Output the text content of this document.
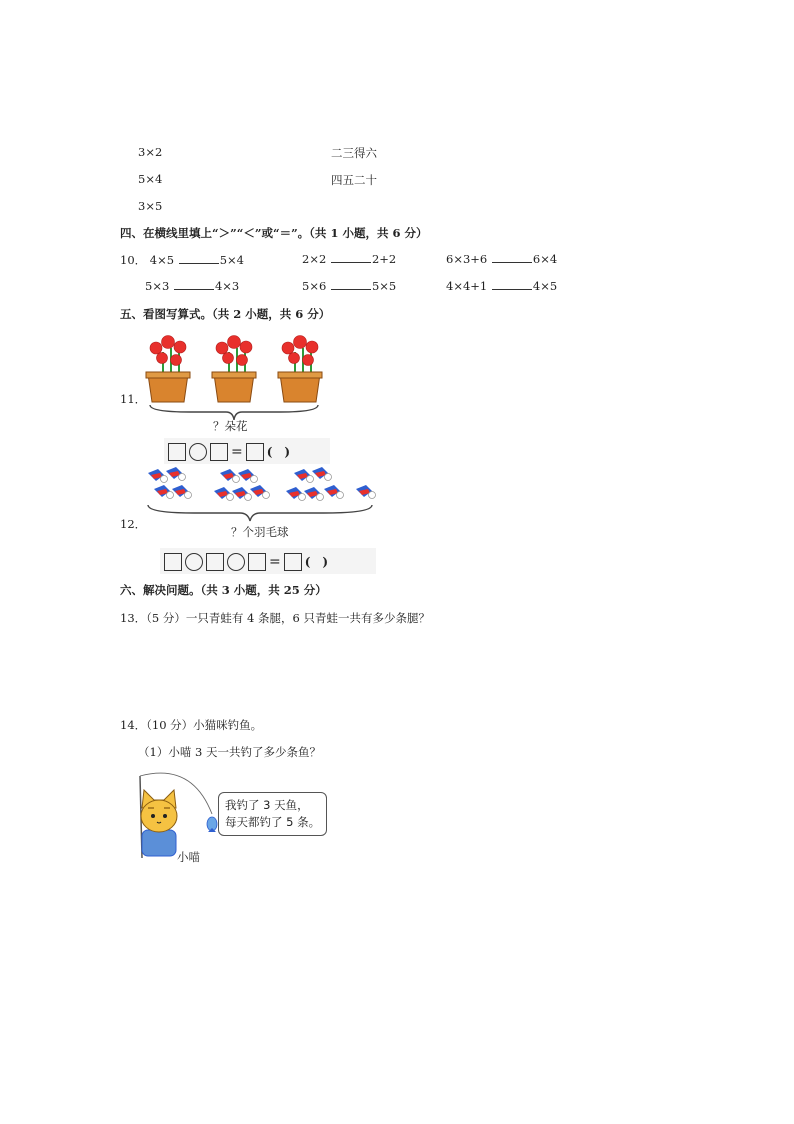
3×2	二三得六
5×4	四五二十
3×5
四、在横线里填上“＞”“＜”或“＝”。（共 1 小题，共 6 分）
10． 4×5	5×4	2×2	2+2	6×3+6	6×4
5×3	4×3	5×6	5×5	4×4+1	4×5
五、看图写算式。（共 2 小题，共 6 分）
11．
？朵花
= (　)
12．
？个羽毛球
= (　)
六、解决问题。（共 3 小题，共 25 分）
13．（5 分）一只青蛙有 4 条腿，6 只青蛙一共有多少条腿？
14．（10 分）小猫咪钓鱼。
（1）小喵 3 天一共钓了多少条鱼？
我钓了 3 天鱼，
每天都钓了 5 条。
小喵
